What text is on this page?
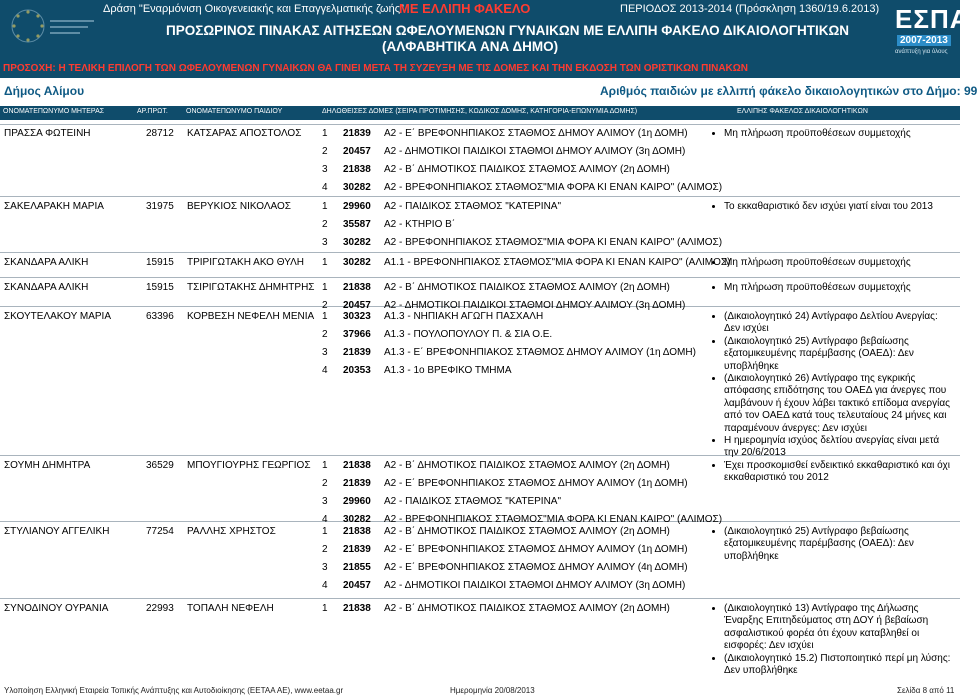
Δράση "Εναρμόνιση Οικογενειακής και Επαγγελματικής ζωής"
ΜΕ ΕΛΛΙΠΗ ΦΑΚΕΛΟ	ΠΕΡΙΟΔΟΣ 2013-2014 (Πρόσκληση 1360/19.6.2013)
ΠΡΟΣΩΡΙΝΟΣ ΠΙΝΑΚΑΣ ΑΙΤΗΣΕΩΝ ΩΦΕΛΟΥΜΕΝΩΝ ΓΥΝΑΙΚΩΝ ΜΕ ΕΛΛΙΠΗ ΦΑΚΕΛΟ ΔΙΚΑΙΟΛΟΓΗΤΙΚΩΝ
(ΑΛΦΑΒΗΤΙΚΑ ΑΝΑ ΔΗΜΟ)
ΕΣΠΑ
2007-2013
ανάπτυξη για όλους
ΠΡΟΣΟΧΗ: Η ΤΕΛΙΚΗ ΕΠΙΛΟΓΗ ΤΩΝ ΩΦΕΛΟΥΜΕΝΩΝ ΓΥΝΑΙΚΩΝ ΘΑ ΓΙΝΕΙ ΜΕΤΑ ΤΗ ΣΥΖΕΥΞΗ ΜΕ ΤΙΣ ΔΟΜΕΣ ΚΑΙ ΤΗΝ ΕΚΔΟΣΗ ΤΩΝ ΟΡΙΣΤΙΚΩΝ ΠΙΝΑΚΩΝ
Δήμος Αλίμου	Αριθμός παιδιών με ελλιπή φάκελο δικαιολογητικών στο Δήμο: 99
ΟΝΟΜΑΤΕΠΩΝΥΜΟ ΜΗΤΕΡΑΣ	ΑΡ.ΠΡΩΤ.	ΟΝΟΜΑΤΕΠΩΝΥΜΟ ΠΑΙΔΙΟΥ	ΔΗΛΩΘΕΙΣΕΣ ΔΟΜΕΣ (ΣΕΙΡΑ ΠΡΟΤΙΜΗΣΗΣ, ΚΩΔΙΚΟΣ ΔΟΜΗΣ, ΚΑΤΗΓΟΡΙΑ-ΕΠΩΝΥΜΙΑ ΔΟΜΗΣ)	ΕΛΛΙΠΗΣ ΦΑΚΕΛΟΣ ΔΙΚΑΙΟΛΟΓΗΤΙΚΩΝ
ΠΡΑΣΣΑ ΦΩΤΕΙΝΗ	28712 ΚΑΤΣΑΡΑΣ ΑΠΟΣΤΟΛΟΣ 1 21839 Α2 - Ε΄ ΒΡΕΦΟΝΗΠΙΑΚΟΣ ΣΤΑΘΜΟΣ ΔΗΜΟΥ ΑΛΙΜΟΥ (1η ΔΟΜΗ)
2 20457 Α2 - ΔΗΜΟΤΙΚΟΙ ΠΑΙΔΙΚΟΙ ΣΤΑΘΜΟΙ ΔΗΜΟΥ ΑΛΙΜΟΥ (3η ΔΟΜΗ)
3 21838 Α2 - Β΄ ΔΗΜΟΤΙΚΟΣ ΠΑΙΔΙΚΟΣ ΣΤΑΘΜΟΣ ΑΛΙΜΟΥ (2η ΔΟΜΗ)
4 30282 Α2 - ΒΡΕΦΟΝΗΠΙΑΚΟΣ ΣΤΑΘΜΟΣ"ΜΙΑ ΦΟΡΑ ΚΙ ΕΝΑΝ ΚΑΙΡΟ" (ΑΛΙΜΟΣ)
• Μη πλήρωση προϋποθέσεων συμμετοχής
ΣΑΚΕΛΑΡΑΚΗ ΜΑΡΙΑ	31975 ΒΕΡΥΚΙΟΣ ΝΙΚΟΛΑΟΣ	1 29960 Α2 - ΠΑΙΔΙΚΟΣ ΣΤΑΘΜΟΣ "ΚΑΤΕΡΙΝΑ"
2 35587 Α2 - ΚΤΗΡΙΟ Β΄
3 30282 Α2 - ΒΡΕΦΟΝΗΠΙΑΚΟΣ ΣΤΑΘΜΟΣ"ΜΙΑ ΦΟΡΑ ΚΙ ΕΝΑΝ ΚΑΙΡΟ" (ΑΛΙΜΟΣ)
• Το εκκαθαριστικό δεν ισχύει γιατί είναι του 2013
ΣΚΑΝΔΑΡΑ ΑΛΙΚΗ	15915 ΤΡΙΡΙΓΩΤΑΚΗ ΑΚΟ ΘΥΛΗ 1 30282 Α1.1 - ΒΡΕΦΟΝΗΠΙΑΚΟΣ ΣΤΑΘΜΟΣ"ΜΙΑ ΦΟΡΑ ΚΙ ΕΝΑΝ ΚΑΙΡΟ" (ΑΛΙΜΟΣ)
• Μη πλήρωση προϋποθέσεων συμμετοχής
ΣΚΑΝΔΑΡΑ ΑΛΙΚΗ	15915 ΤΣΙΡΙΓΩΤΑΚΗΣ ΔΗΜΗΤΡΗΣ 1 21838 Α2 - Β΄ ΔΗΜΟΤΙΚΟΣ ΠΑΙΔΙΚΟΣ ΣΤΑΘΜΟΣ ΑΛΙΜΟΥ (2η ΔΟΜΗ)
2 20457 Α2 - ΔΗΜΟΤΙΚΟΙ ΠΑΙΔΙΚΟΙ ΣΤΑΘΜΟΙ ΔΗΜΟΥ ΑΛΙΜΟΥ (3η ΔΟΜΗ)
• Μη πλήρωση προϋποθέσεων συμμετοχής
ΣΚΟΥΤΕΛΑΚΟΥ ΜΑΡΙΑ	63396 ΚΟΡΒΕΣΗ ΝΕΦΕΛΗ ΜΕΝΙΑ 1 30323 Α1.3 - ΝΗΠΙΑΚΗ ΑΓΩΓΗ ΠΑΣΧΑΛΗ
2 37966 Α1.3 - ΠΟΥΛΟΠΟΥΛΟΥ Π. & ΣΙΑ Ο.Ε.
3 21839 Α1.3 - Ε΄ ΒΡΕΦΟΝΗΠΙΑΚΟΣ ΣΤΑΘΜΟΣ ΔΗΜΟΥ ΑΛΙΜΟΥ (1η ΔΟΜΗ)
4 20353 Α1.3 - 1ο ΒΡΕΦΙΚΟ ΤΜΗΜΑ
• (Δικαιολογητικό 24) Αντίγραφο Δελτίου Ανεργίας: Δεν ισχύει
• (Δικαιολογητικό 25) Αντίγραφο βεβαίωσης εξατομικευμένης παρέμβασης (ΟΑΕΔ): Δεν υποβλήθηκε
• (Δικαιολογητικό 26) Αντίγραφο της εγκρικής απόφασης επιδότησης του ΟΑΕΔ για άνεργες που λαμβάνουν ή έχουν λάβει τακτικό επίδομα ανεργίας από τον ΟΑΕΔ κατά τους τελευταίους 24 μήνες και παραμένουν άνεργες: Δεν ισχύει
• Η ημερομηνία ισχύος δελτίου ανεργίας είναι μετά την 20/6/2013
ΣΟΥΜΗ ΔΗΜΗΤΡΑ	36529 ΜΠΟΥΓΙΟΥΡΗΣ ΓΕΩΡΓΙΟΣ 1 21838 Α2 - Β΄ ΔΗΜΟΤΙΚΟΣ ΠΑΙΔΙΚΟΣ ΣΤΑΘΜΟΣ ΑΛΙΜΟΥ (2η ΔΟΜΗ)
2 21839 Α2 - Ε΄ ΒΡΕΦΟΝΗΠΙΑΚΟΣ ΣΤΑΘΜΟΣ ΔΗΜΟΥ ΑΛΙΜΟΥ (1η ΔΟΜΗ)
3 29960 Α2 - ΠΑΙΔΙΚΟΣ ΣΤΑΘΜΟΣ "ΚΑΤΕΡΙΝΑ"
4 30282 Α2 - ΒΡΕΦΟΝΗΠΙΑΚΟΣ ΣΤΑΘΜΟΣ"ΜΙΑ ΦΟΡΑ ΚΙ ΕΝΑΝ ΚΑΙΡΟ" (ΑΛΙΜΟΣ)
• Έχει προσκομισθεί ενδεικτικό εκκαθαριστικό και όχι εκκαθαριστικό του 2012
ΣΤΥΛΙΑΝΟΥ ΑΓΓΕΛΙΚΗ	77254 ΡΑΛΛΗΣ ΧΡΗΣΤΟΣ	1 21838 Α2 - Β΄ ΔΗΜΟΤΙΚΟΣ ΠΑΙΔΙΚΟΣ ΣΤΑΘΜΟΣ ΑΛΙΜΟΥ (2η ΔΟΜΗ)
2 21839 Α2 - Ε΄ ΒΡΕΦΟΝΗΠΙΑΚΟΣ ΣΤΑΘΜΟΣ ΔΗΜΟΥ ΑΛΙΜΟΥ (1η ΔΟΜΗ)
3 21855 Α2 - Ε΄ ΒΡΕΦΟΝΗΠΙΑΚΟΣ ΣΤΑΘΜΟΣ ΔΗΜΟΥ ΑΛΙΜΟΥ (4η ΔΟΜΗ)
4 20457 Α2 - ΔΗΜΟΤΙΚΟΙ ΠΑΙΔΙΚΟΙ ΣΤΑΘΜΟΙ ΔΗΜΟΥ ΑΛΙΜΟΥ (3η ΔΟΜΗ)
• (Δικαιολογητικό 25) Αντίγραφο βεβαίωσης εξατομικευμένης παρέμβασης (ΟΑΕΔ): Δεν υποβλήθηκε
ΣΥΝΟΔΙΝΟΥ ΟΥΡΑΝΙΑ	22993 ΤΟΠΑΛΗ ΝΕΦΕΛΗ	1 21838 Α2 - Β΄ ΔΗΜΟΤΙΚΟΣ ΠΑΙΔΙΚΟΣ ΣΤΑΘΜΟΣ ΑΛΙΜΟΥ (2η ΔΟΜΗ)
•	(Δικαιολογητικό 13) Αντίγραφο της Δήλωσης Έναρξης Επιτηδεύματος στη ΔΟΥ ή βεβαίωση ασφαλιστικού φορέα ότι έχουν καταβληθεί οι εισφορές: Δεν ισχύει
• (Δικαιολογητικό 15.2) Πιστοποιητικό περί μη λύσης: Δεν υποβλήθηκε
Υλοποίηση Ελληνική Εταιρεία Τοπικής Ανάπτυξης και Αυτοδιοίκησης (ΕΕΤΑΑ ΑΕ), www.eetaa.gr	Ημερομηνία 20/08/2013	Σελίδα 8 από 11
